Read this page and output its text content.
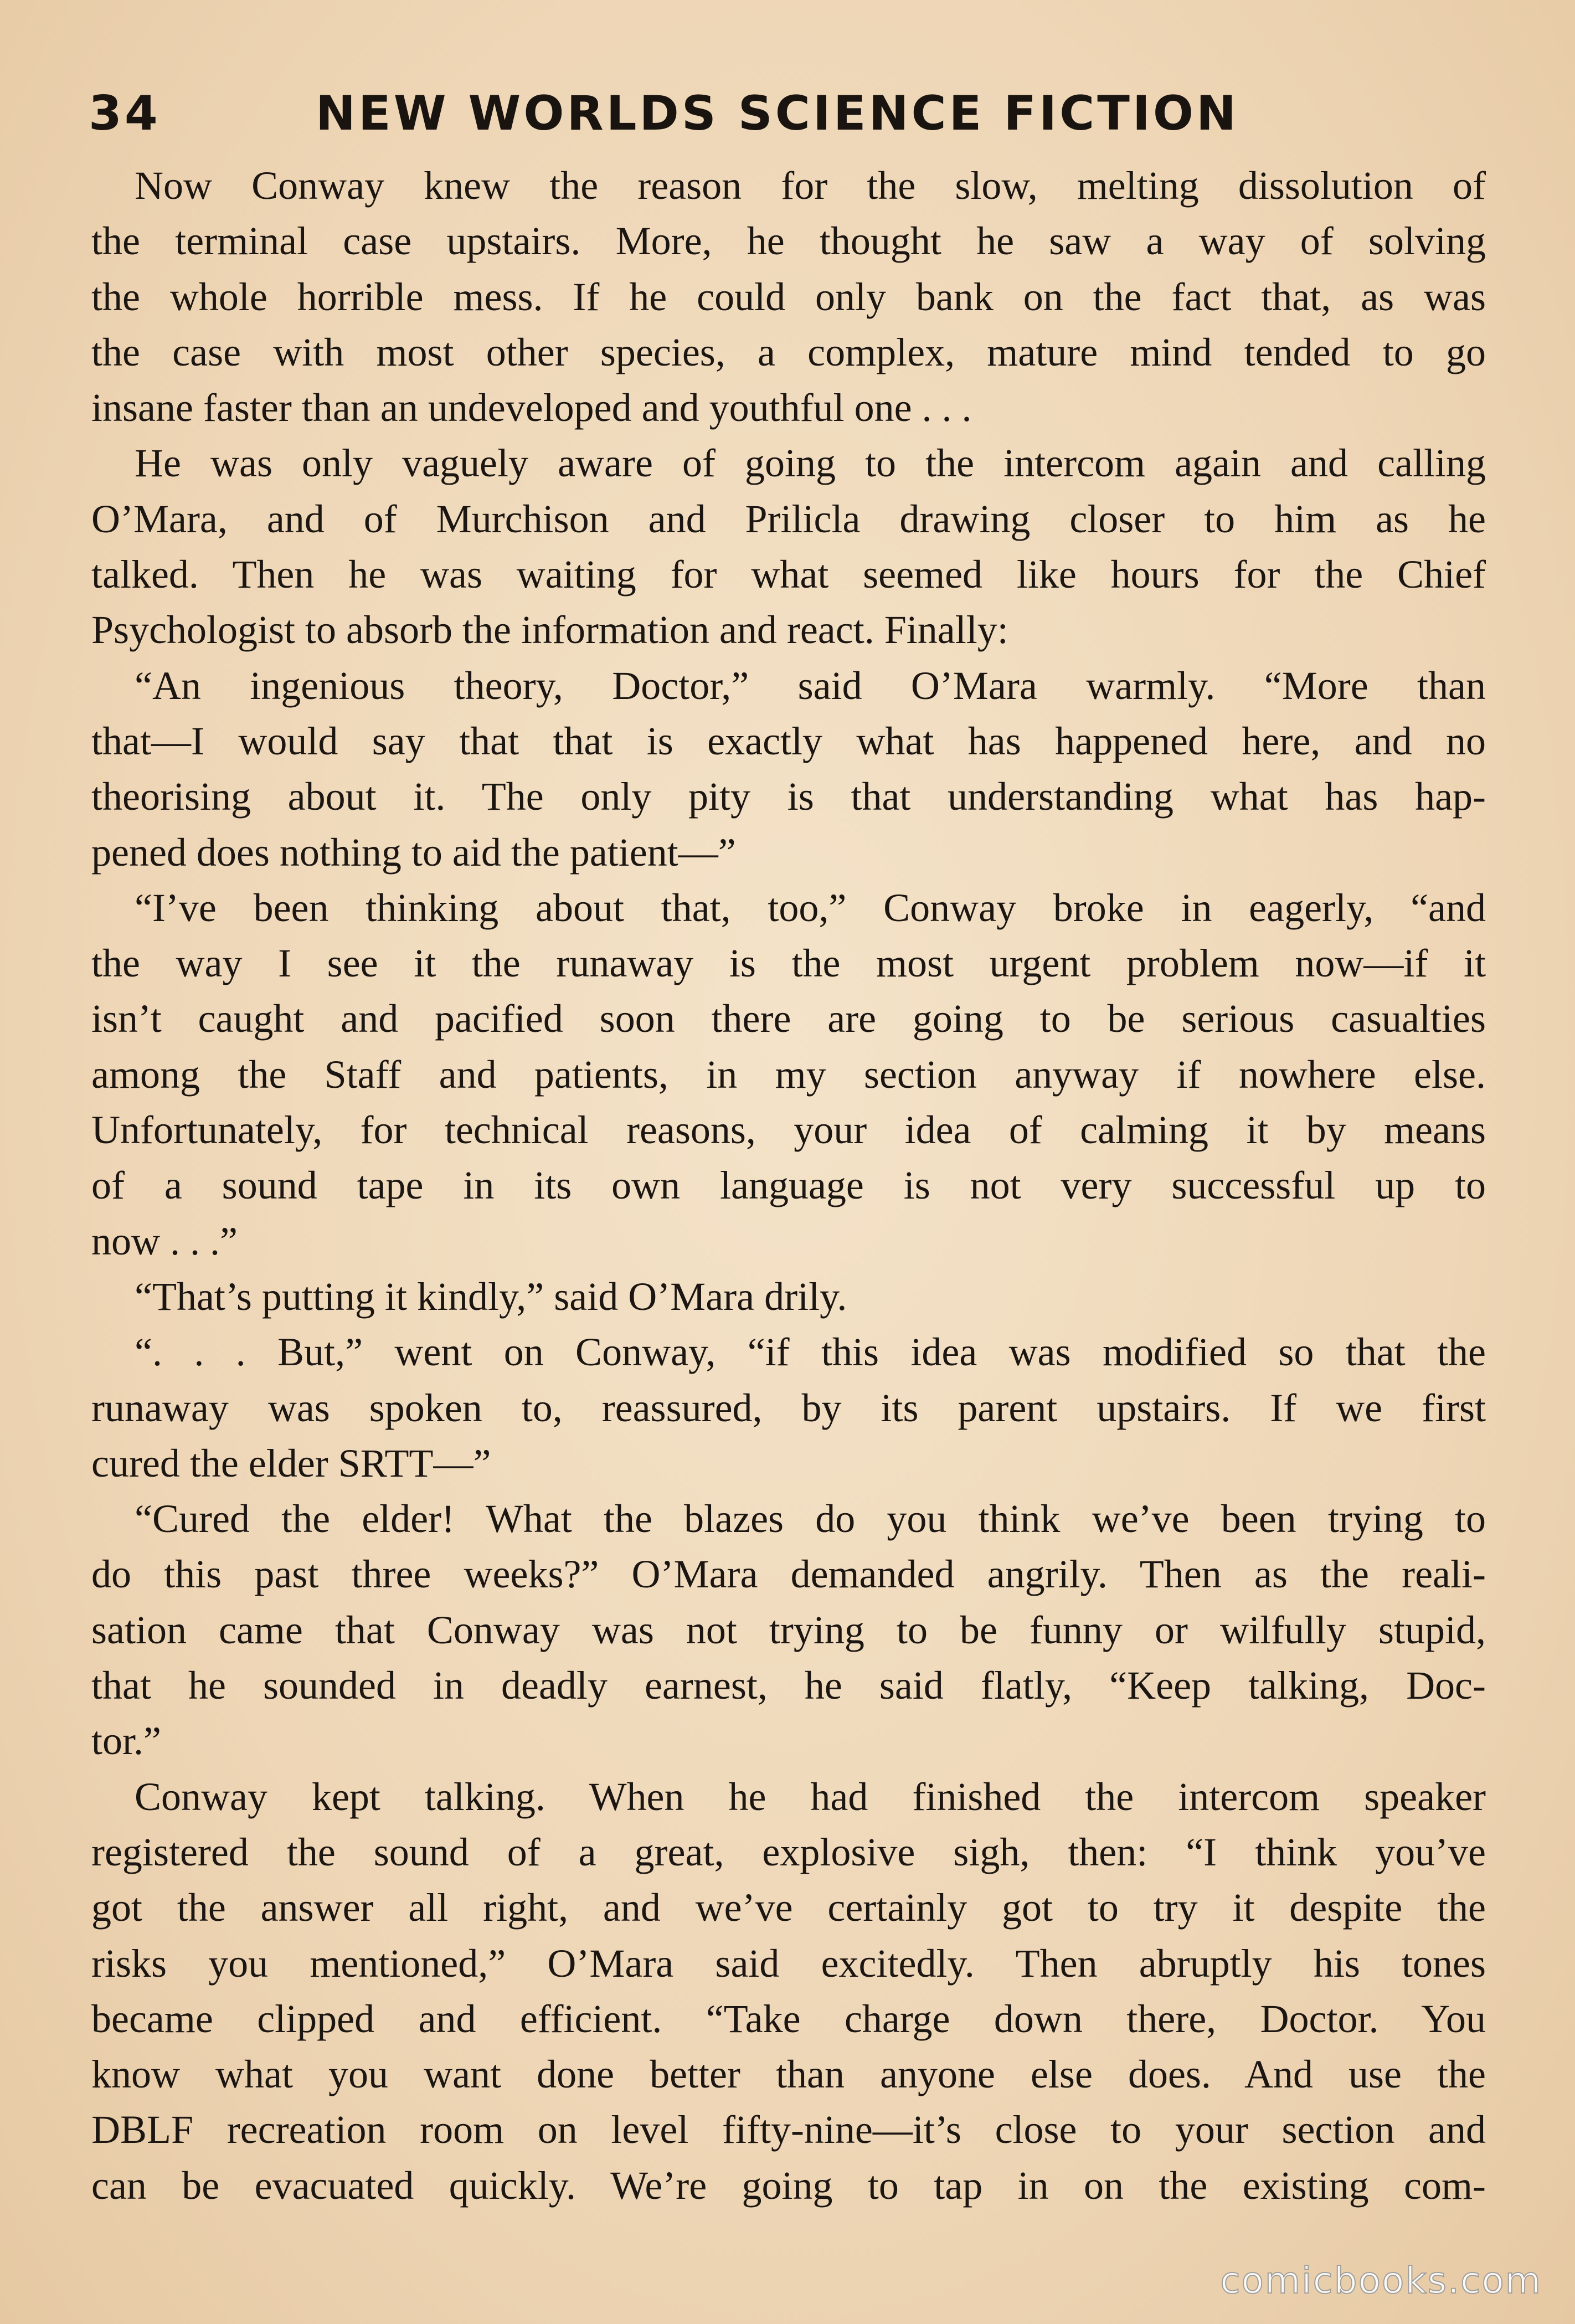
34	NEW WORLDS SCIENCE FICTION
Now Conway knew the reason for the slow, melting dissolution of
the terminal case upstairs. More, he thought he saw a way of solving
the whole horrible mess. If he could only bank on the fact that, as was
the case with most other species, a complex, mature mind tended to go
insane faster than an undeveloped and youthful one . . .
He was only vaguely aware of going to the intercom again and calling
O’Mara, and of Murchison and Prilicla drawing closer to him as he
talked. Then he was waiting for what seemed like hours for the Chief
Psychologist to absorb the information and react. Finally:
“An ingenious theory, Doctor,” said O’Mara warmly. “More than
that—I would say that that is exactly what has happened here, and no
theorising about it. The only pity is that understanding what has hap-
pened does nothing to aid the patient—”
“I’ve been thinking about that, too,” Conway broke in eagerly, “and
the way I see it the runaway is the most urgent problem now—if it
isn’t caught and pacified soon there are going to be serious casualties
among the Staff and patients, in my section anyway if nowhere else.
Unfortunately, for technical reasons, your idea of calming it by means
of a sound tape in its own language is not very successful up to
now . . .”
“That’s putting it kindly,” said O’Mara drily.
“. . . But,” went on Conway, “if this idea was modified so that the
runaway was spoken to, reassured, by its parent upstairs. If we first
cured the elder SRTT—”
“Cured the elder! What the blazes do you think we’ve been trying to
do this past three weeks?” O’Mara demanded angrily. Then as the reali-
sation came that Conway was not trying to be funny or wilfully stupid,
that he sounded in deadly earnest, he said flatly, “Keep talking, Doc-
tor.”
Conway kept talking. When he had finished the intercom speaker
registered the sound of a great, explosive sigh, then: “I think you’ve
got the answer all right, and we’ve certainly got to try it despite the
risks you mentioned,” O’Mara said excitedly. Then abruptly his tones
became clipped and efficient. “Take charge down there, Doctor. You
know what you want done better than anyone else does. And use the
DBLF recreation room on level fifty-nine—it’s close to your section and
can be evacuated quickly. We’re going to tap in on the existing com-
comicbooks.com
